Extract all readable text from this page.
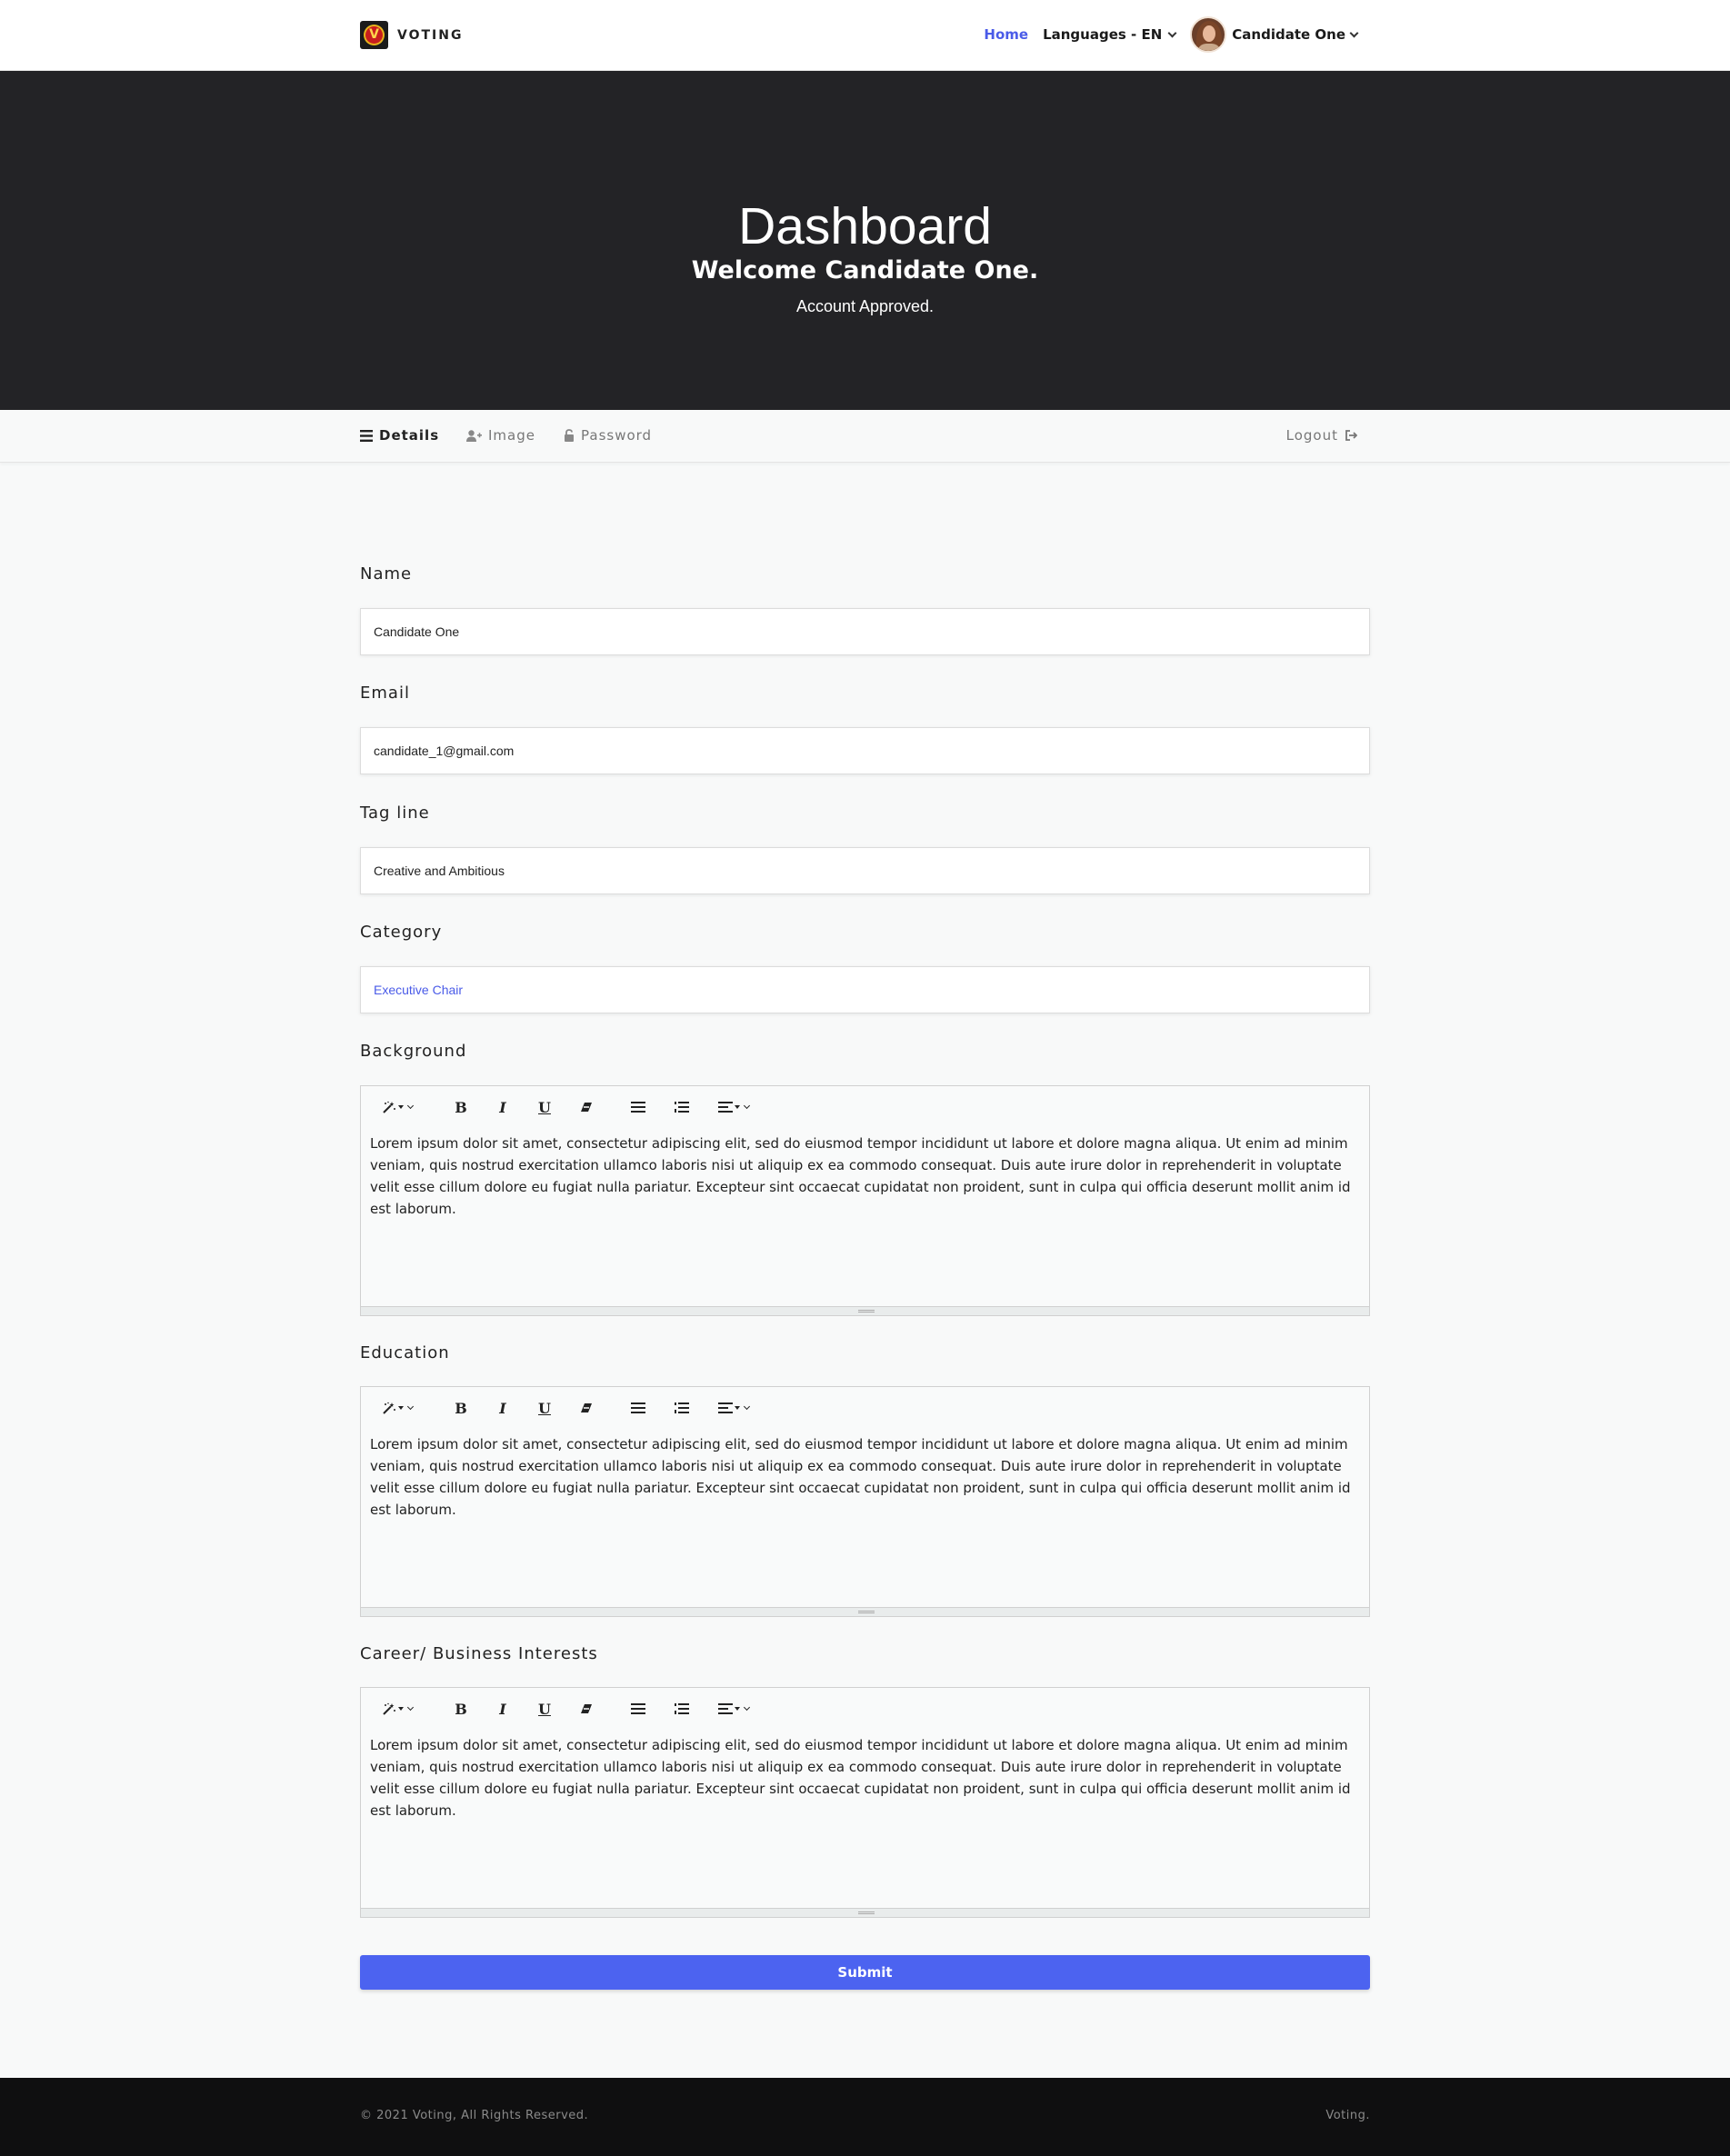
V VOTING	Home Languages - EN	Candidate One
Dashboard
Welcome Candidate One.

Account Approved.

Details	Image	Password	Logout
Name
Candidate One
Email
candidate_1@gmail.com
Tag line
Creative and Ambitious
Category
Executive Chair
Background
B	I	U
Lorem ipsum dolor sit amet, consectetur adipiscing elit, sed do eiusmod tempor incididunt ut labore et dolore magna aliqua. Ut enim ad minim veniam, quis nostrud exercitation ullamco laboris nisi ut aliquip ex ea commodo consequat. Duis aute irure dolor in reprehenderit in voluptate velit esse cillum dolore eu fugiat nulla pariatur. Excepteur sint occaecat cupidatat non proident, sunt in culpa qui officia deserunt mollit anim id est laborum.
Education
B	I	U
Lorem ipsum dolor sit amet, consectetur adipiscing elit, sed do eiusmod tempor incididunt ut labore et dolore magna aliqua. Ut enim ad minim veniam, quis nostrud exercitation ullamco laboris nisi ut aliquip ex ea commodo consequat. Duis aute irure dolor in reprehenderit in voluptate velit esse cillum dolore eu fugiat nulla pariatur. Excepteur sint occaecat cupidatat non proident, sunt in culpa qui officia deserunt mollit anim id est laborum.
Career/ Business Interests
B	I	U
Lorem ipsum dolor sit amet, consectetur adipiscing elit, sed do eiusmod tempor incididunt ut labore et dolore magna aliqua. Ut enim ad minim veniam, quis nostrud exercitation ullamco laboris nisi ut aliquip ex ea commodo consequat. Duis aute irure dolor in reprehenderit in voluptate velit esse cillum dolore eu fugiat nulla pariatur. Excepteur sint occaecat cupidatat non proident, sunt in culpa qui officia deserunt mollit anim id est laborum.
Submit
© 2021 Voting, All Rights Reserved.	Voting.
